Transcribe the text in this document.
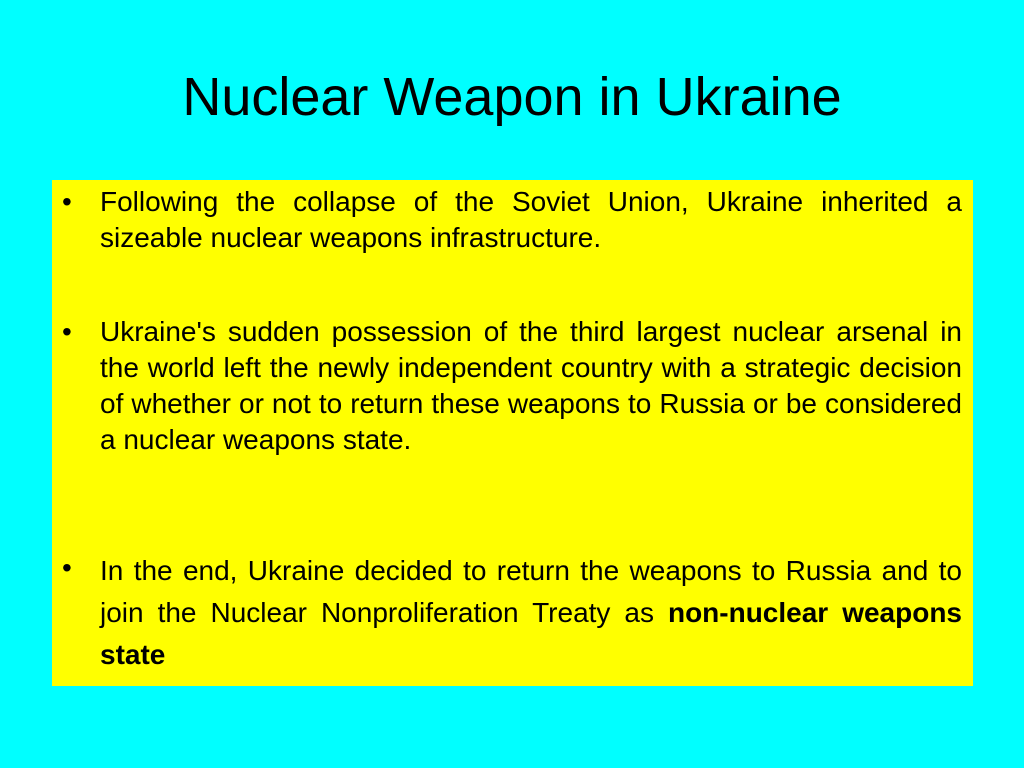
Nuclear Weapon in Ukraine
• Following the collapse of the Soviet Union, Ukraine inherited a sizeable nuclear weapons infrastructure.

• Ukraine's sudden possession of the third largest nuclear arsenal in the world left the newly independent country with a strategic decision of whether or not to return these weapons to Russia or be considered a nuclear weapons state.

• In the end, Ukraine decided to return the weapons to Russia and to join the Nuclear Nonproliferation Treaty as non-nuclear weapons state
